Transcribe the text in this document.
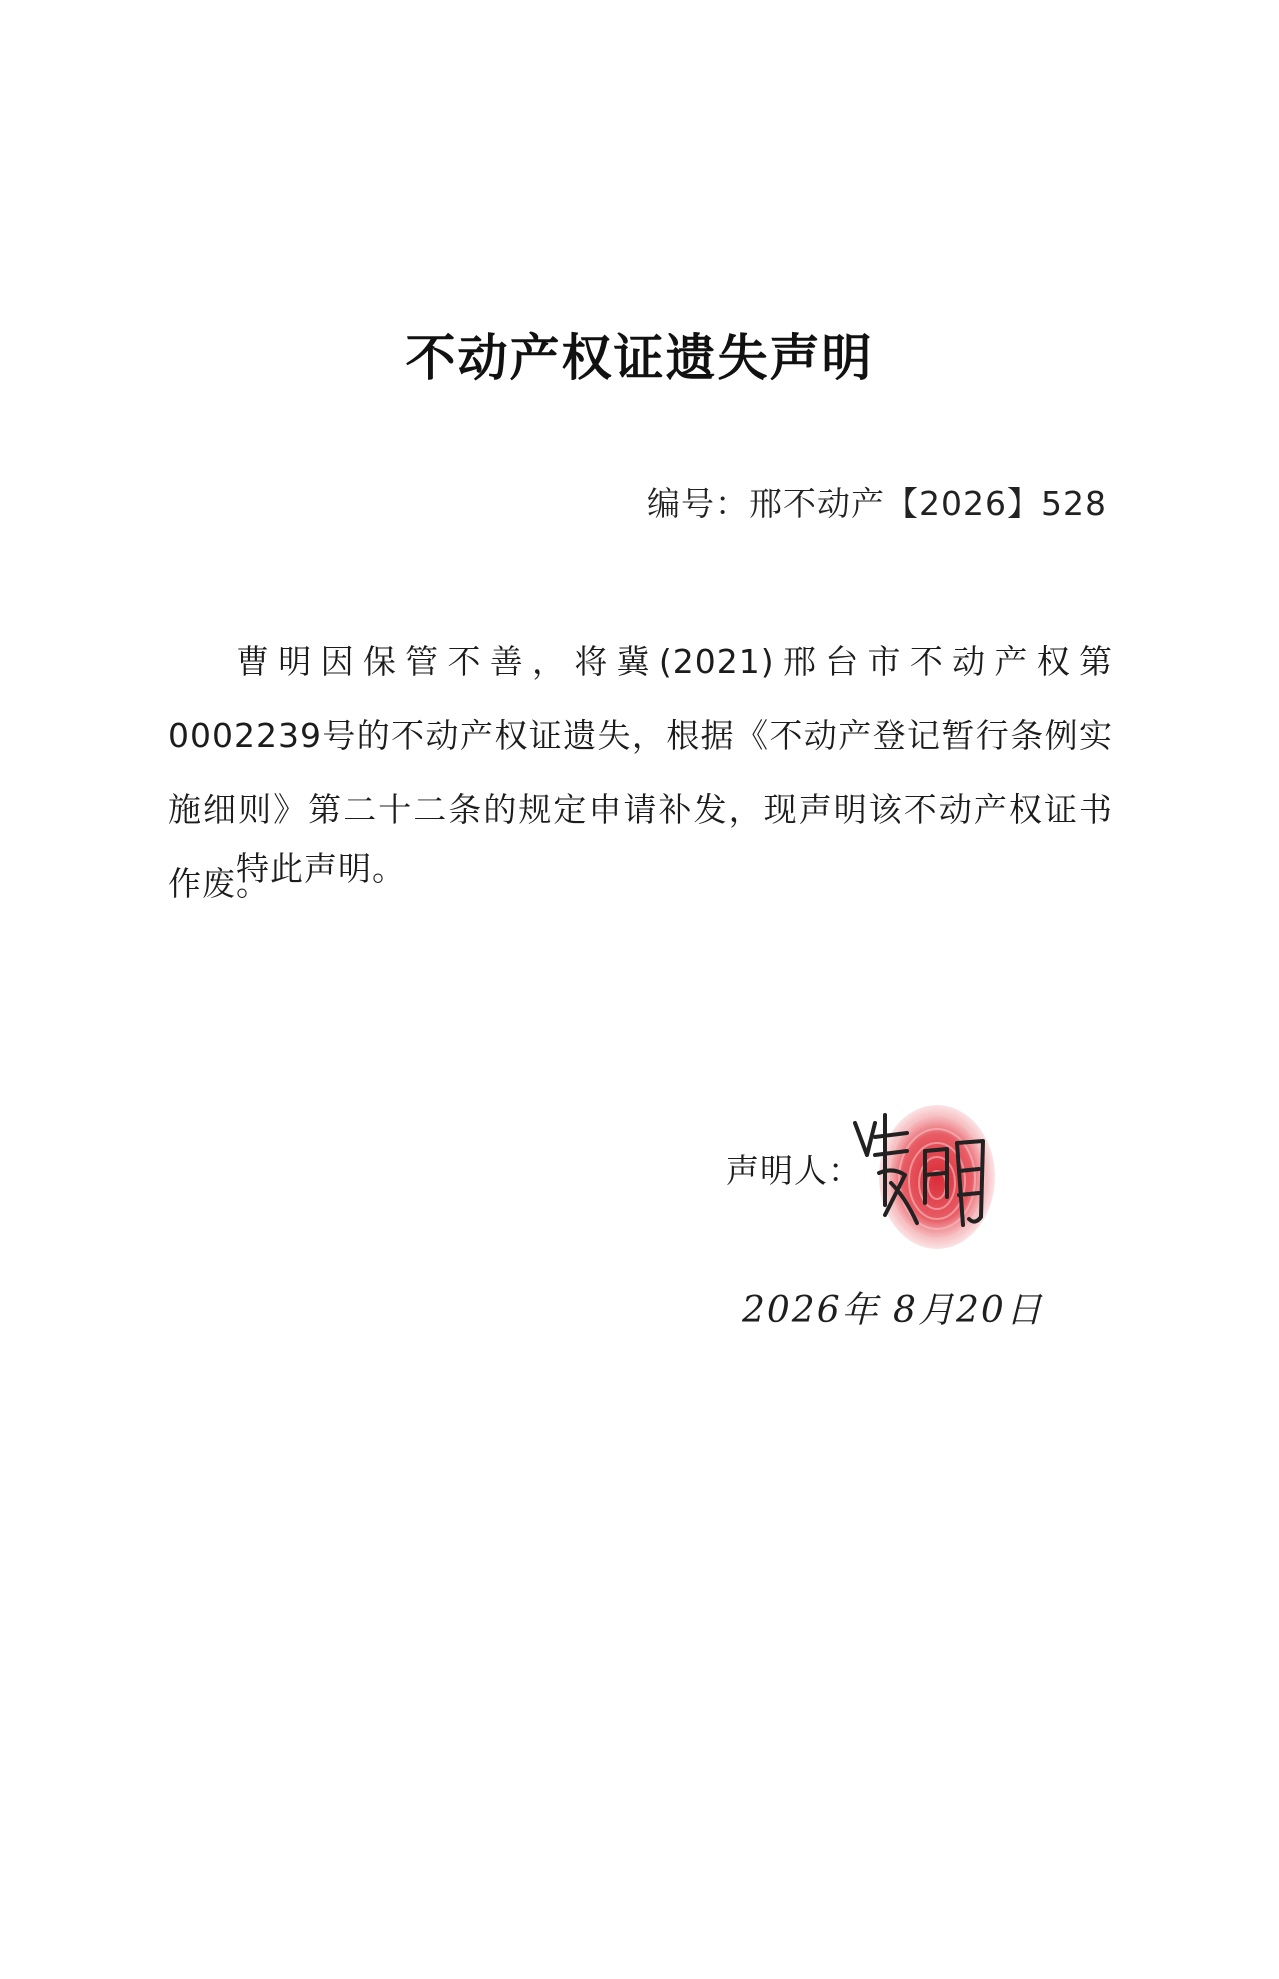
不动产权证遗失声明
编号：邢不动产【2026】528
曹明因保管不善，将冀(2021)邢台市不动产权第0002239号的不动产权证遗失，根据《不动产登记暂行条例实施细则》第二十二条的规定申请补发，现声明该不动产权证书作废。
特此声明。
声明人：
2026年 8月20日
